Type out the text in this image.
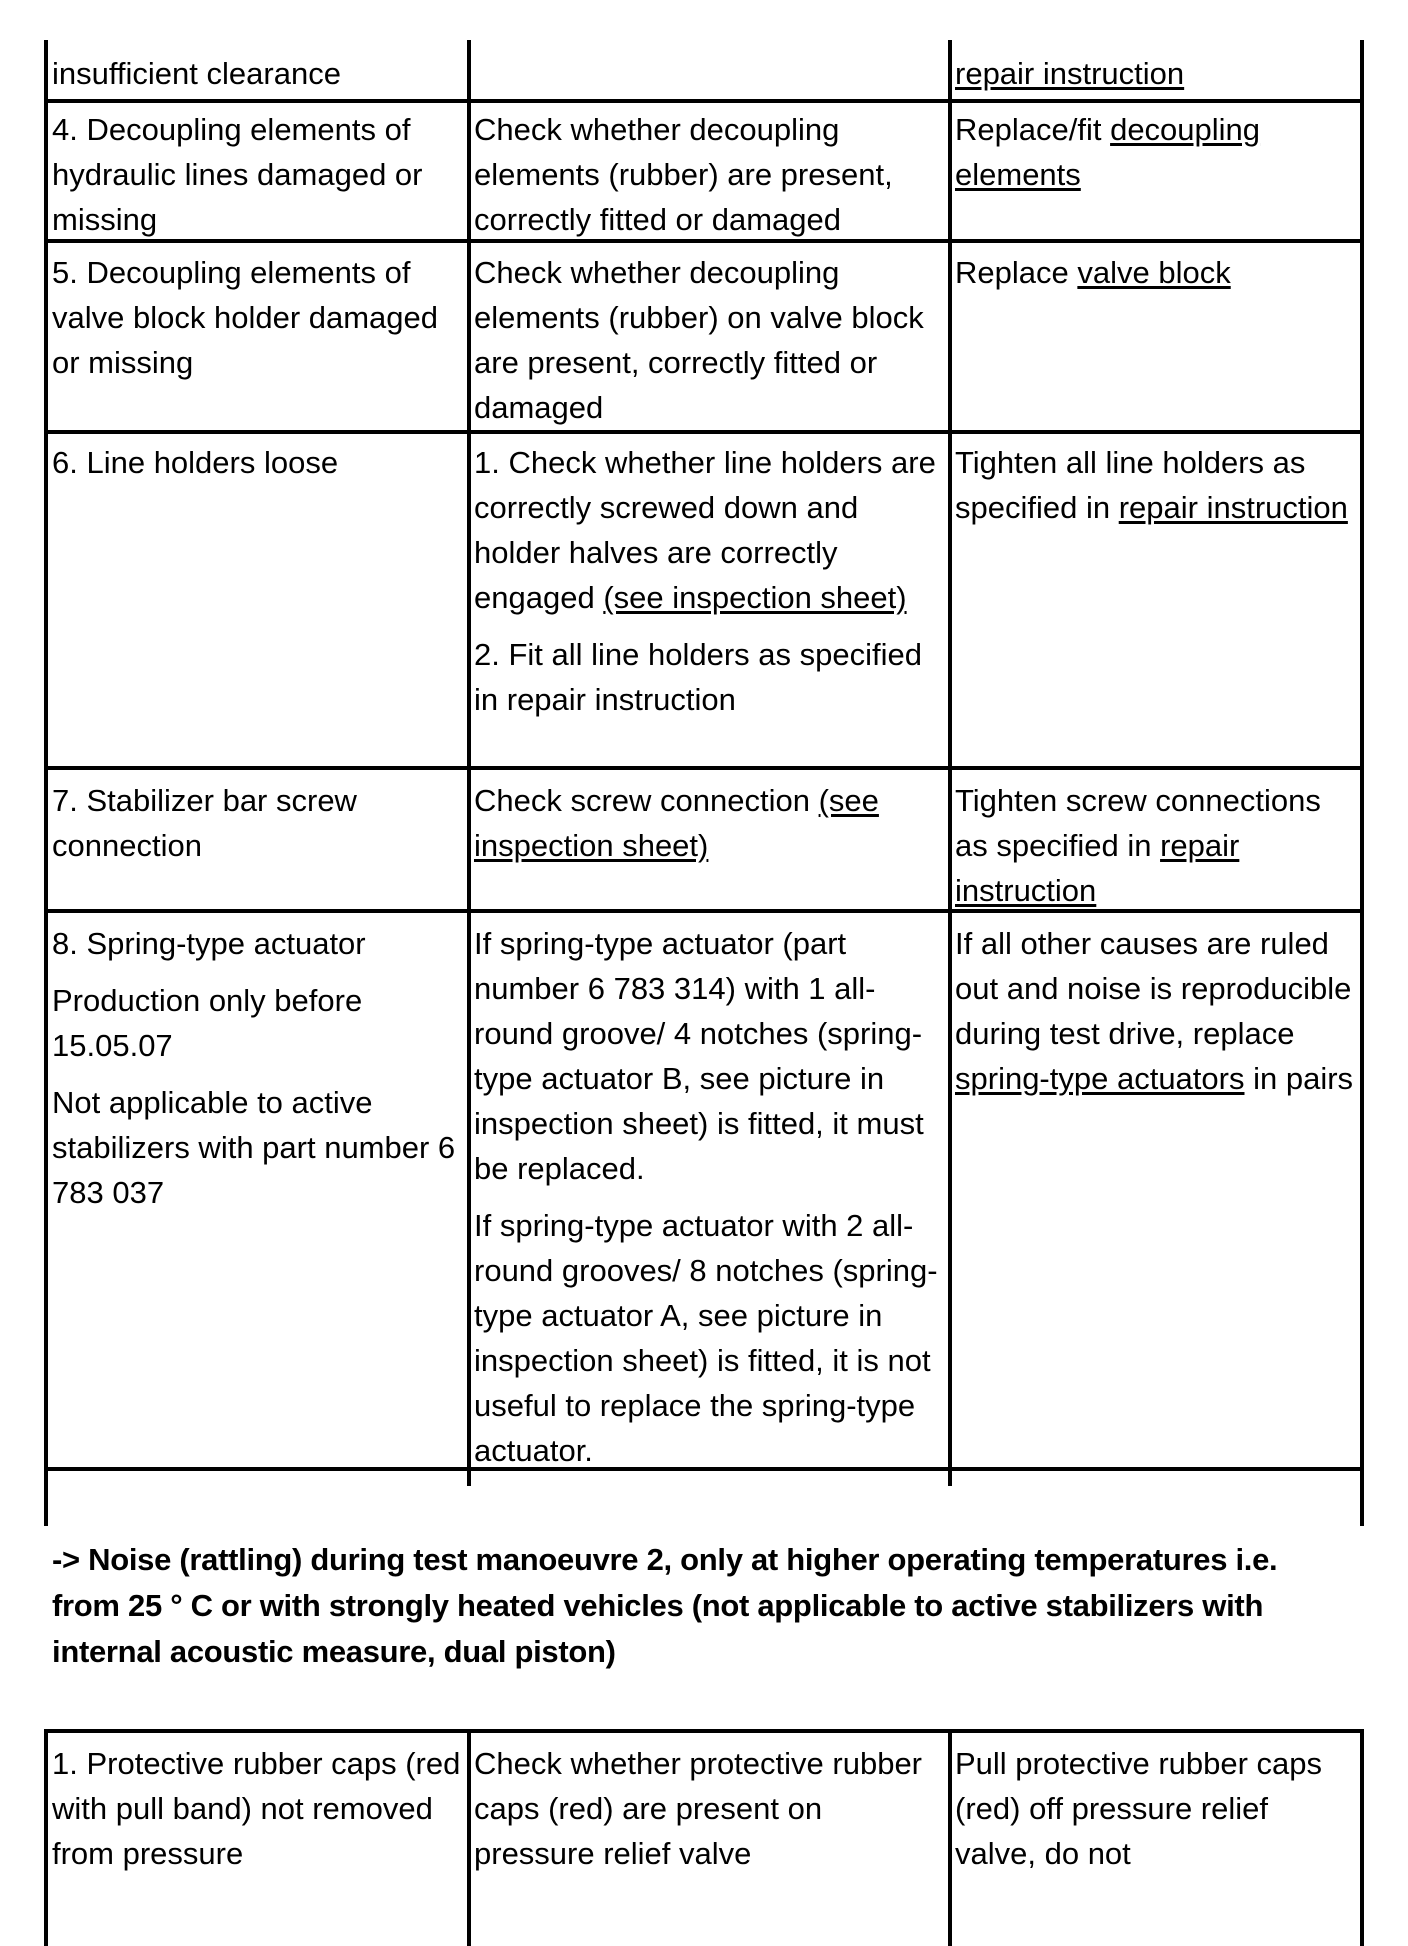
insufficient clearance	repair instruction

4. Decoupling elements of hydraulic lines damaged or missing

Check whether decoupling elements (rubber) are present, correctly fitted or damaged

Replace/fit decoupling elements

5. Decoupling elements of valve block holder damaged or missing

Check whether decoupling elements (rubber) on valve block are present, correctly fitted or damaged

Replace valve block

6. Line holders loose	1. Check whether line holders are correctly screwed down and holder halves are correctly engaged (see inspection sheet)

2. Fit all line holders as specified in repair instruction

Tighten all line holders as specified in repair instruction

7. Stabilizer bar screw connection

Check screw connection (see inspection sheet)

Tighten screw connections as specified in repair instruction

8. Spring-type actuator

Production only before 15.05.07

Not applicable to active stabilizers with part number 6 783 037

If spring-type actuator (part number 6 783 314) with 1 all-round groove/ 4 notches (spring-type actuator B, see picture in inspection sheet) is fitted, it must be replaced.

If spring-type actuator with 2 all-round grooves/ 8 notches (spring-type actuator A, see picture in inspection sheet) is fitted, it is not useful to replace the spring-type actuator.

If all other causes are ruled out and noise is reproducible during test drive, replace spring-type actuators in pairs

-> Noise (rattling) during test manoeuvre 2, only at higher operating temperatures i.e. from 25 ° C or with strongly heated vehicles (not applicable to active stabilizers with internal acoustic measure, dual piston)

1. Protective rubber caps (red with pull band) not removed from pressure

Check whether protective rubber caps (red) are present on pressure relief valve

Pull protective rubber caps (red) off pressure relief valve, do not
